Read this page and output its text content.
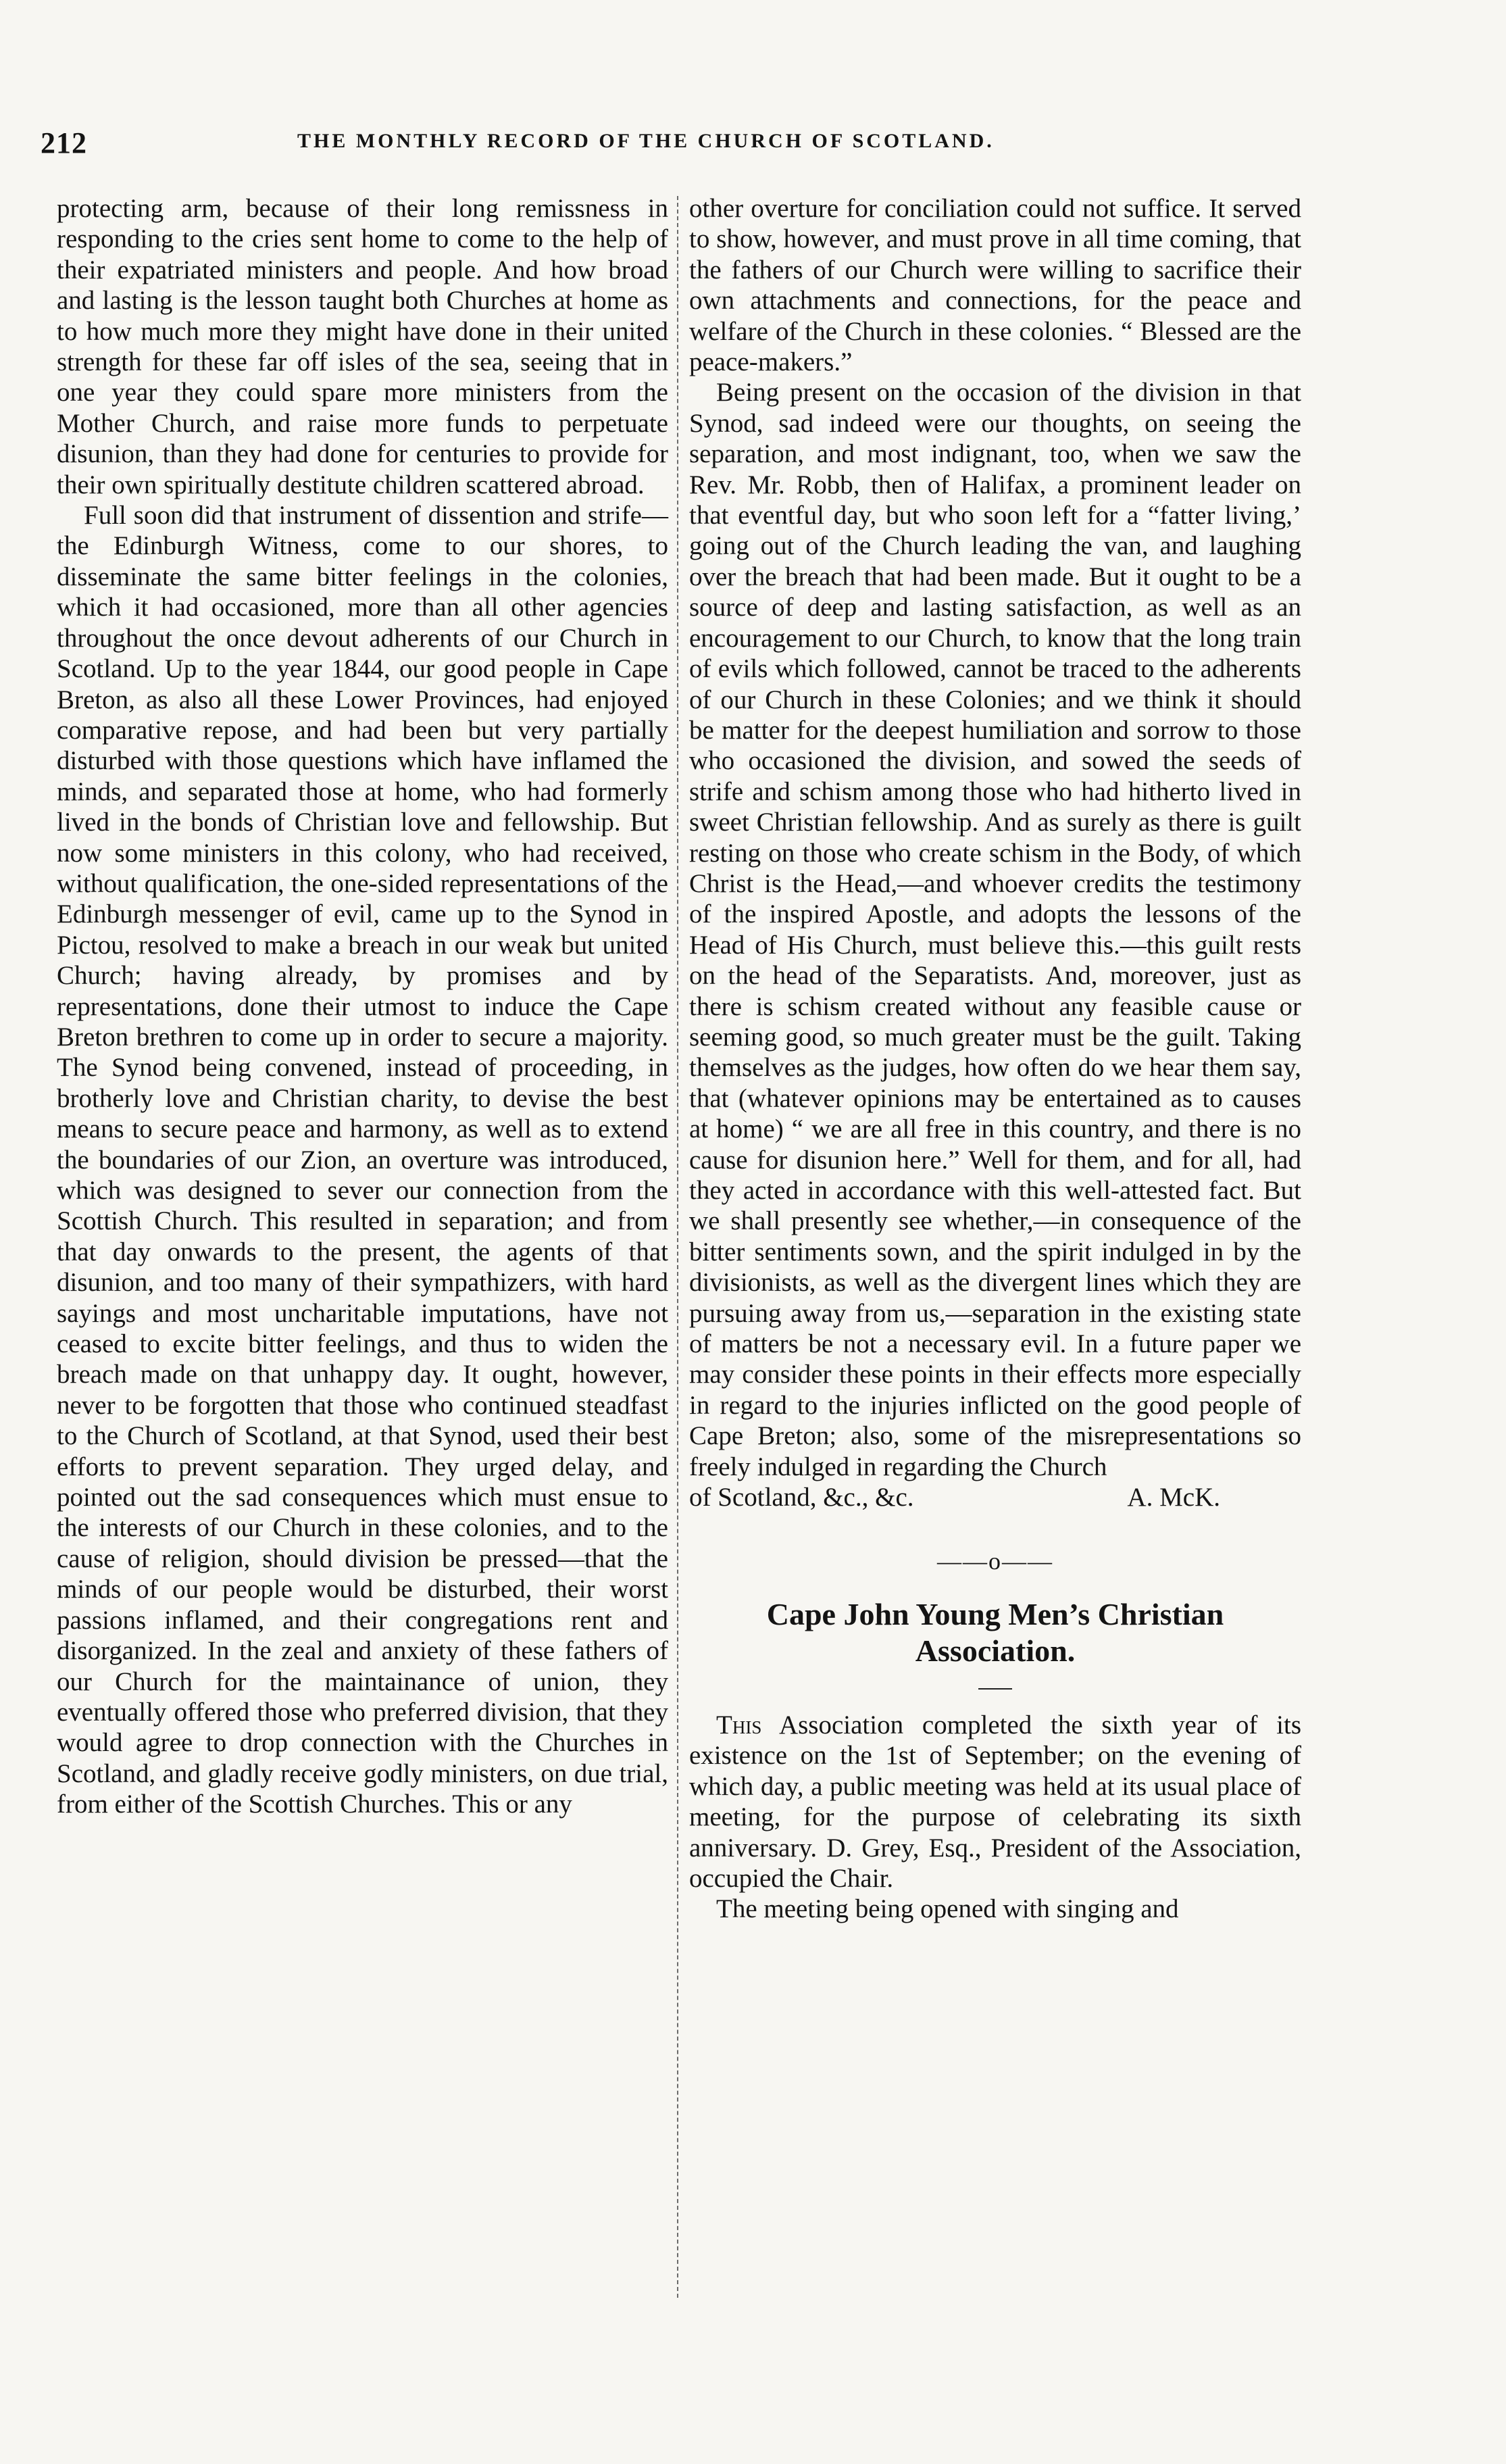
212	THE MONTHLY RECORD OF THE CHURCH OF SCOTLAND.

protecting arm, because of their long remissness in responding to the cries sent home to come to the help of their expatriated ministers and people. And how broad and lasting is the lesson taught both Churches at home as to how much more they might have done in their united strength for these far off isles of the sea, seeing that in one year they could spare more ministers from the Mother Church, and raise more funds to perpetuate disunion, than they had done for centuries to provide for their own spiritually destitute children scattered abroad.

Full soon did that instrument of dissention and strife—the Edinburgh Witness, come to our shores, to disseminate the same bitter feelings in the colonies, which it had occasioned, more than all other agencies throughout the once devout adherents of our Church in Scotland. Up to the year 1844, our good people in Cape Breton, as also all these Lower Provinces, had enjoyed comparative repose, and had been but very partially disturbed with those questions which have inflamed the minds, and separated those at home, who had formerly lived in the bonds of Christian love and fellowship. But now some ministers in this colony, who had received, without qualification, the one-sided representations of the Edinburgh messenger of evil, came up to the Synod in Pictou, resolved to make a breach in our weak but united Church; having already, by promises and by representations, done their utmost to induce the Cape Breton brethren to come up in order to secure a majority. The Synod being convened, instead of proceeding, in brotherly love and Christian charity, to devise the best means to secure peace and harmony, as well as to extend the boundaries of our Zion, an overture was introduced, which was designed to sever our connection from the Scottish Church. This resulted in separation; and from that day onwards to the present, the agents of that disunion, and too many of their sympathizers, with hard sayings and most uncharitable imputations, have not ceased to excite bitter feelings, and thus to widen the breach made on that unhappy day. It ought, however, never to be forgotten that those who continued steadfast to the Church of Scotland, at that Synod, used their best efforts to prevent separation. They urged delay, and pointed out the sad consequences which must ensue to the interests of our Church in these colonies, and to the cause of religion, should division be pressed—that the minds of our people would be disturbed, their worst passions inflamed, and their congregations rent and disorganized. In the zeal and anxiety of these fathers of our Church for the maintainance of union, they eventually offered those who preferred division, that they would agree to drop connection with the Churches in Scotland, and gladly receive godly ministers, on due trial, from either of the Scottish Churches. This or any

other overture for conciliation could not suffice. It served to show, however, and must prove in all time coming, that the fathers of our Church were willing to sacrifice their own attachments and connections, for the peace and welfare of the Church in these colonies. “ Blessed are the peace-makers.”

Being present on the occasion of the division in that Synod, sad indeed were our thoughts, on seeing the separation, and most indignant, too, when we saw the Rev. Mr. Robb, then of Halifax, a prominent leader on that eventful day, but who soon left for a “fatter living,’ going out of the Church leading the van, and laughing over the breach that had been made. But it ought to be a source of deep and lasting satisfaction, as well as an encouragement to our Church, to know that the long train of evils which followed, cannot be traced to the adherents of our Church in these Colonies; and we think it should be matter for the deepest humiliation and sorrow to those who occasioned the division, and sowed the seeds of strife and schism among those who had hitherto lived in sweet Christian fellowship. And as surely as there is guilt resting on those who create schism in the Body, of which Christ is the Head,—and whoever credits the testimony of the inspired Apostle, and adopts the lessons of the Head of His Church, must believe this.—this guilt rests on the head of the Separatists. And, moreover, just as there is schism created without any feasible cause or seeming good, so much greater must be the guilt. Taking themselves as the judges, how often do we hear them say, that (whatever opinions may be entertained as to causes at home) “ we are all free in this country, and there is no cause for disunion here.” Well for them, and for all, had they acted in accordance with this well-attested fact. But we shall presently see whether,—in consequence of the bitter sentiments sown, and the spirit indulged in by the divisionists, as well as the divergent lines which they are pursuing away from us,—separation in the existing state of matters be not a necessary evil. In a future paper we may consider these points in their effects more especially in regard to the injuries inflicted on the good people of Cape Breton; also, some of the misrepresentations so freely indulged in regarding the Church

of Scotland, &c., &c.	A. McK.

——o——

Cape John Young Men’s Christian

Association.

This Association completed the sixth year of its existence on the 1st of September; on the evening of which day, a public meeting was held at its usual place of meeting, for the purpose of celebrating its sixth anniversary. D. Grey, Esq., President of the Association, occupied the Chair.

The meeting being opened with singing and
